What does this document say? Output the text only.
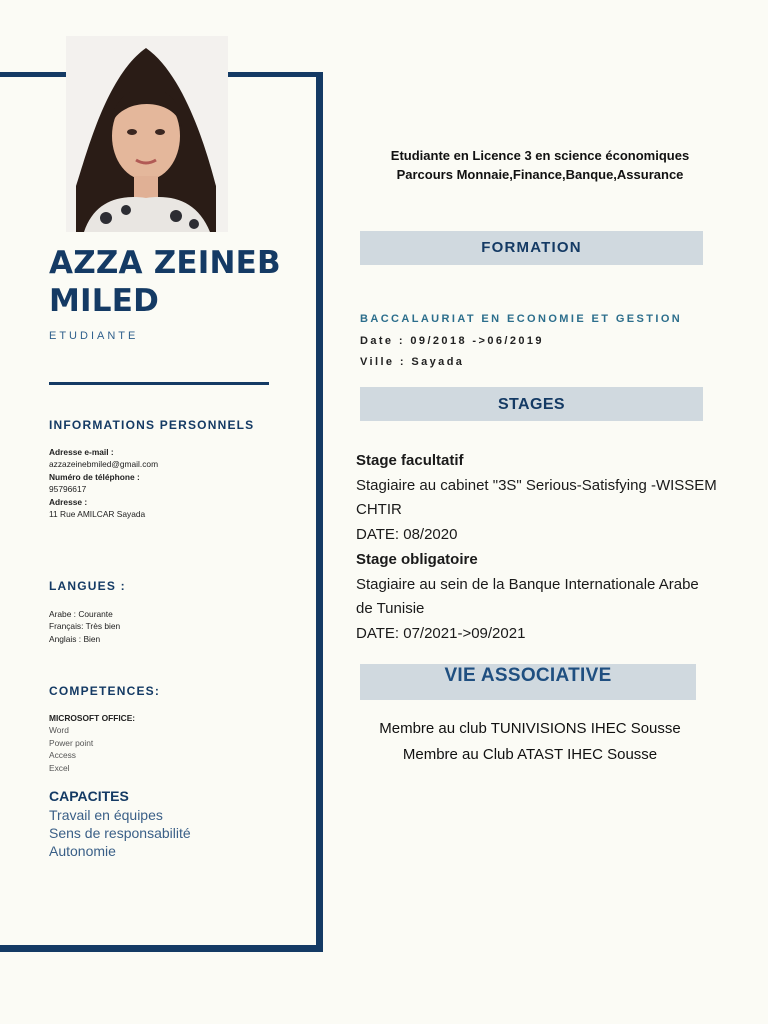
AZZA ZEINEB
MILED
ETUDIANTE
INFORMATIONS PERSONNELS
Adresse e-mail :
azzazeinebmiled@gmail.com
Numéro de téléphone :
95796617
Adresse :
11 Rue AMILCAR Sayada
LANGUES :
Arabe : Courante
Français: Très bien
Anglais : Bien
COMPETENCES:
MICROSOFT OFFICE:
Word
Power point
Access
Excel
CAPACITES
Travail en équipes
Sens de responsabilité
Autonomie
Etudiante en Licence 3 en science économiques
Parcours Monnaie,Finance,Banque,Assurance
FORMATION
BACCALAURIAT EN ECONOMIE ET GESTION
Date : 09/2018 ->06/2019
Ville : Sayada
STAGES
Stage facultatif
Stagiaire au cabinet "3S" Serious-Satisfying -WISSEM
CHTIR
DATE: 08/2020
Stage obligatoire
Stagiaire au sein de la Banque Internationale Arabe
de Tunisie
DATE: 07/2021->09/2021
VIE ASSOCIATIVE
Membre au club TUNIVISIONS IHEC Sousse
Membre au Club ATAST IHEC Sousse
